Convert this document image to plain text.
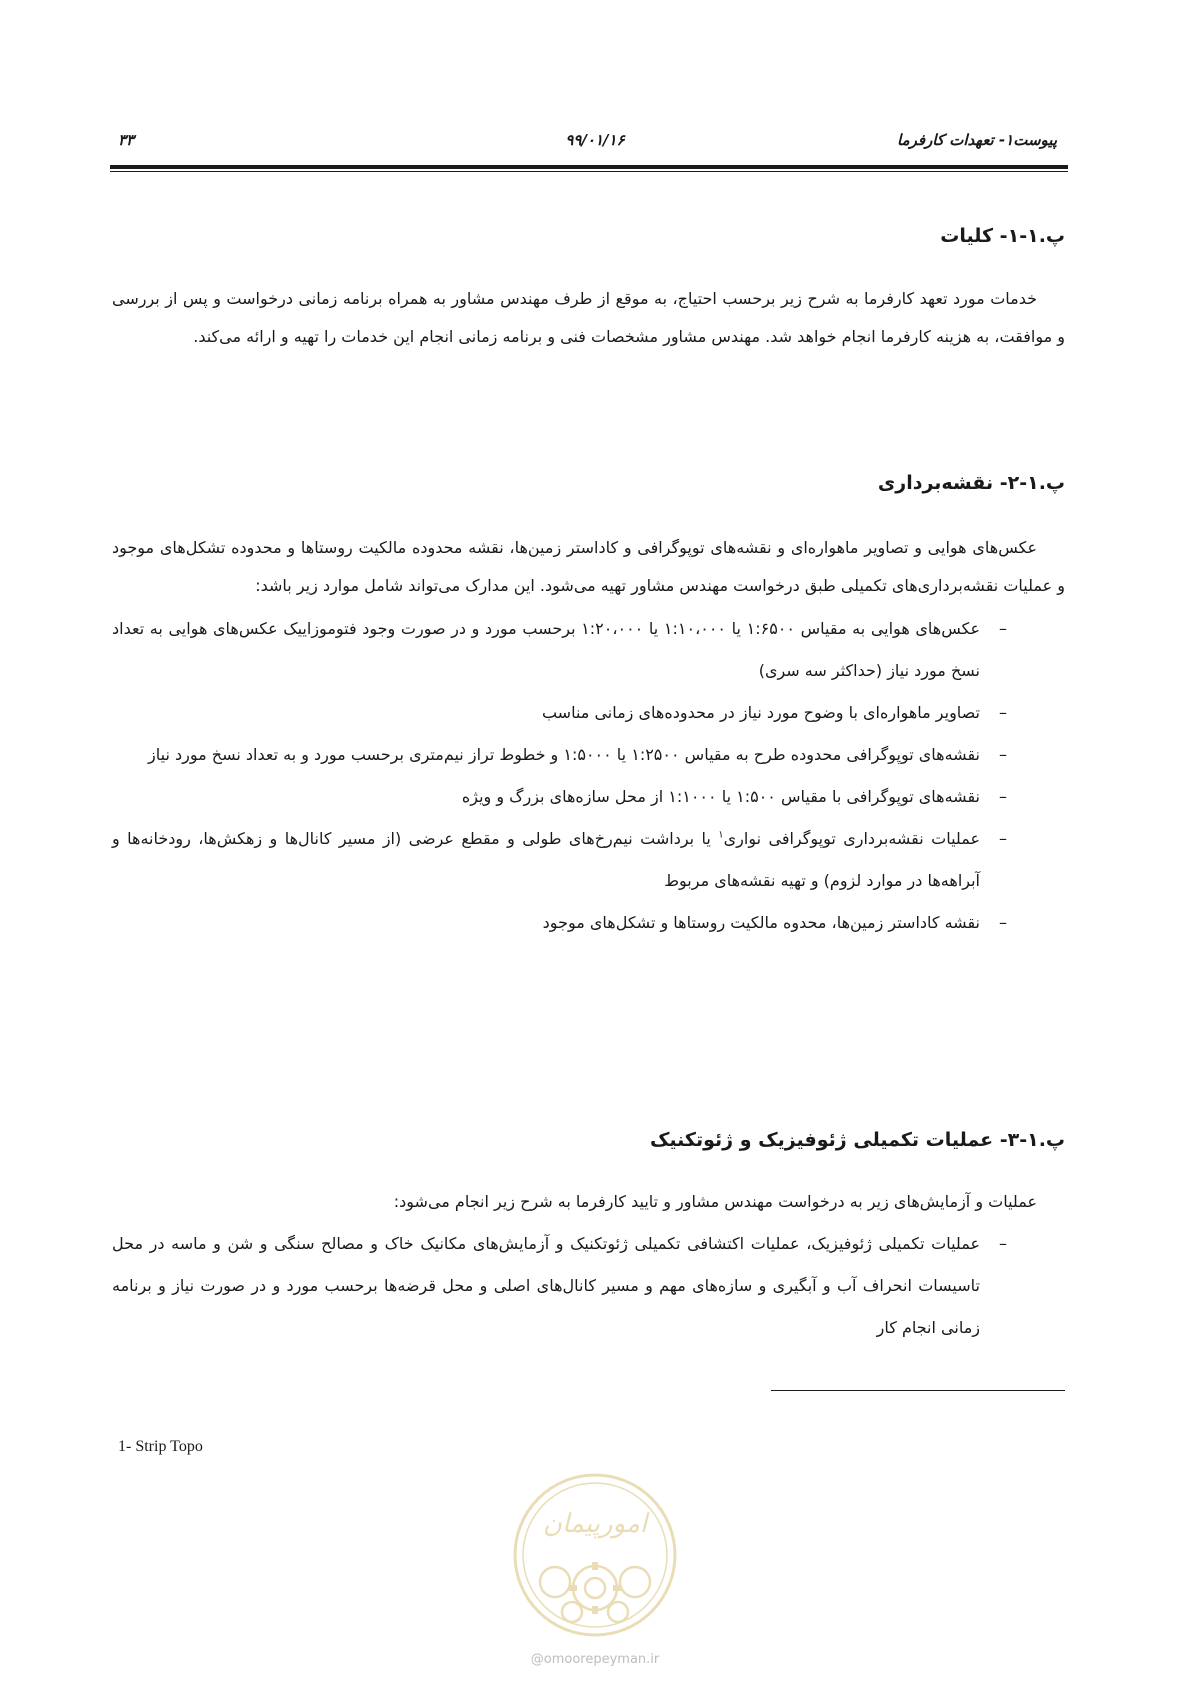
پیوست۱- تعهدات کارفرما
۹۹/۰۱/۱۶
۳۳
پ.۱-۱- کلیات

خدمات مورد تعهد کارفرما به شرح زیر برحسب احتیاج، به موقع از طرف مهندس مشاور به همراه برنامه زمانی درخواست و پس از بررسی و موافقت، به هزینه کارفرما انجام خواهد شد. مهندس مشاور مشخصات فنی و برنامه زمانی انجام این خدمات را تهیه و ارائه می‌کند.

پ.۱-۲- نقشه‌برداری

عکس‌های هوایی و تصاویر ماهواره‌ای و نقشه‌های توپوگرافی و کاداستر زمین‌ها، نقشه محدوده مالکیت روستاها و محدوده تشکل‌های موجود و عملیات نقشه‌برداری‌های تکمیلی طبق درخواست مهندس مشاور تهیه می‌شود. این مدارک می‌تواند شامل موارد زیر باشد:

–
عکس‌های هوایی به مقیاس ۱:۶۵۰۰ یا ۱:۱۰،۰۰۰ یا ۱:۲۰،۰۰۰ برحسب مورد و در صورت وجود فتوموزاییک عکس‌های هوایی به تعداد نسخ مورد نیاز (حداکثر سه سری)
–
تصاویر ماهواره‌ای با وضوح مورد نیاز در محدوده‌های زمانی مناسب
–
نقشه‌های توپوگرافی محدوده طرح به مقیاس ۱:۲۵۰۰ یا ۱:۵۰۰۰ و خطوط تراز نیم‌متری برحسب مورد و به تعداد نسخ مورد نیاز
–
نقشه‌های توپوگرافی با مقیاس ۱:۵۰۰ یا ۱:۱۰۰۰ از محل سازه‌های بزرگ و ویژه
–
عملیات نقشه‌برداری توپوگرافی نواری$^۱$ یا برداشت نیم‌رخ‌های طولی و مقطع عرضی (از مسیر کانال‌ها و زهکش‌ها، رودخانه‌ها و آبراهه‌ها در موارد لزوم) و تهیه نقشه‌های مربوط
–
نقشه کاداستر زمین‌ها، محدوه مالکیت روستاها و تشکل‌های موجود
پ.۱-۳- عملیات تکمیلی ژئوفیزیک و ژئوتکنیک

عملیات و آزمایش‌های زیر به درخواست مهندس مشاور و تایید کارفرما به شرح زیر انجام می‌شود:

–
عملیات تکمیلی ژئوفیزیک، عملیات اکتشافی تکمیلی ژئوتکنیک و آزمایش‌های مکانیک خاک و مصالح سنگی و شن و ماسه در محل تاسیسات انحراف آب و آبگیری و سازه‌های مهم و مسیر کانال‌های اصلی و محل قرضه‌ها برحسب مورد و در صورت نیاز و برنامه زمانی انجام کار
1- Strip Topo
امورپیمان
@omoorepeyman.ir
